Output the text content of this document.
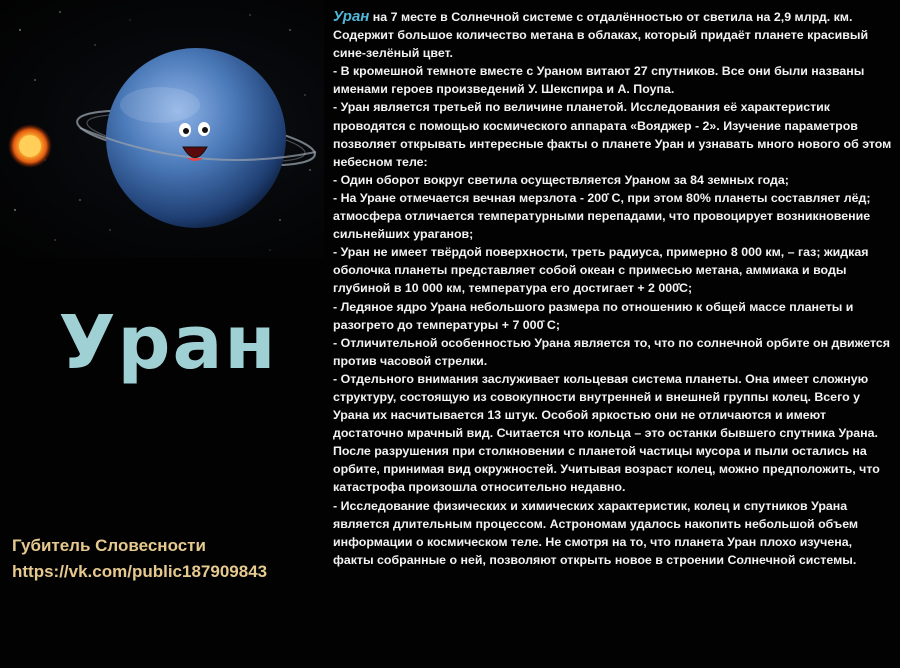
Уран
Губитель Словесности
https://vk.com/public187909843

Уран на 7 месте в Солнечной системе с отдалённостью от светила на 2,9 млрд. км. Содержит большое количество метана в облаках, который придаёт планете красивый сине-зелёный цвет.

- В кромешной темноте вместе с Ураном витают 27 спутников. Все они были названы именами героев произведений У. Шекспира и А. Поупа.

- Уран является третьей по величине планетой. Исследования её характеристик проводятся с помощью космического аппарата «Вояджер - 2». Изучение параметров позволяет открывать интересные факты о планете Уран и узнавать много нового об этом небесном теле:

- Один оборот вокруг светила осуществляется Ураном за 84 земных года;

- На Уране отмечается вечная мерзлота - 200̊ C, при этом 80% планеты составляет лёд;

атмосфера отличается температурными перепадами, что провоцирует возникновение сильнейших ураганов;

- Уран не имеет твёрдой поверхности, треть радиуса, примерно 8 000 км, – газ; жидкая оболочка планеты представляет собой океан с примесью метана, аммиака и воды глубиной в 10 000 км, температура его достигает + 2 000̊C;

- Ледяное ядро Урана небольшого размера по отношению к общей массе планеты и разогрето до температуры + 7 000̊ C;

- Отличительной особенностью Урана является то, что по солнечной орбите он движется против часовой стрелки.

- Отдельного внимания заслуживает кольцевая система планеты. Она имеет сложную структуру, состоящую из совокупности внутренней и внешней группы колец. Всего у Урана их насчитывается 13 штук. Особой яркостью они не отличаются и имеют достаточно мрачный вид. Считается что кольца – это останки бывшего спутника Урана. После разрушения при столкновении с планетой частицы мусора и пыли остались на орбите, принимая вид окружностей. Учитывая возраст колец, можно предположить, что катастрофа произошла относительно недавно.

- Исследование физических и химических характеристик, колец и спутников Урана является длительным процессом. Астрономам удалось накопить небольшой объем информации о космическом теле. Не смотря на то, что планета Уран плохо изучена, факты собранные о ней, позволяют открыть новое в строении Солнечной системы.
